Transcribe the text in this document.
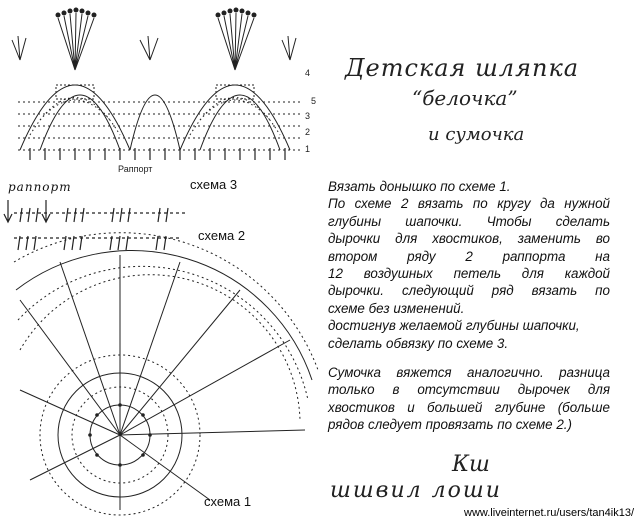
Раппорт
4
5
3
2
1
раппорт	схема 3
схема 2
схема 1
Детская шляпка
“белочка”
и сумочка
Вязать донышко по схеме 1.
По схеме 2 вязать по кругу да нужной
глубины шапочки. Чтобы сделать
дырочки для хвостиков, заменить во
втором ряду 2 раппорта на
12 воздушных петель для каждой
дырочки. следующий ряд вязать по
схеме без изменений.
достигнув желаемой глубины шапочки,
сделать обвязку по схеме 3.
Сумочка вяжется аналогично. разница
только в отсутствии дырочек для
хвостиков и большей глубине (больше
рядов следует провязать по схеме 2.)
Кш
шшвил лоши
www.liveinternet.ru/users/tan4ik13/
